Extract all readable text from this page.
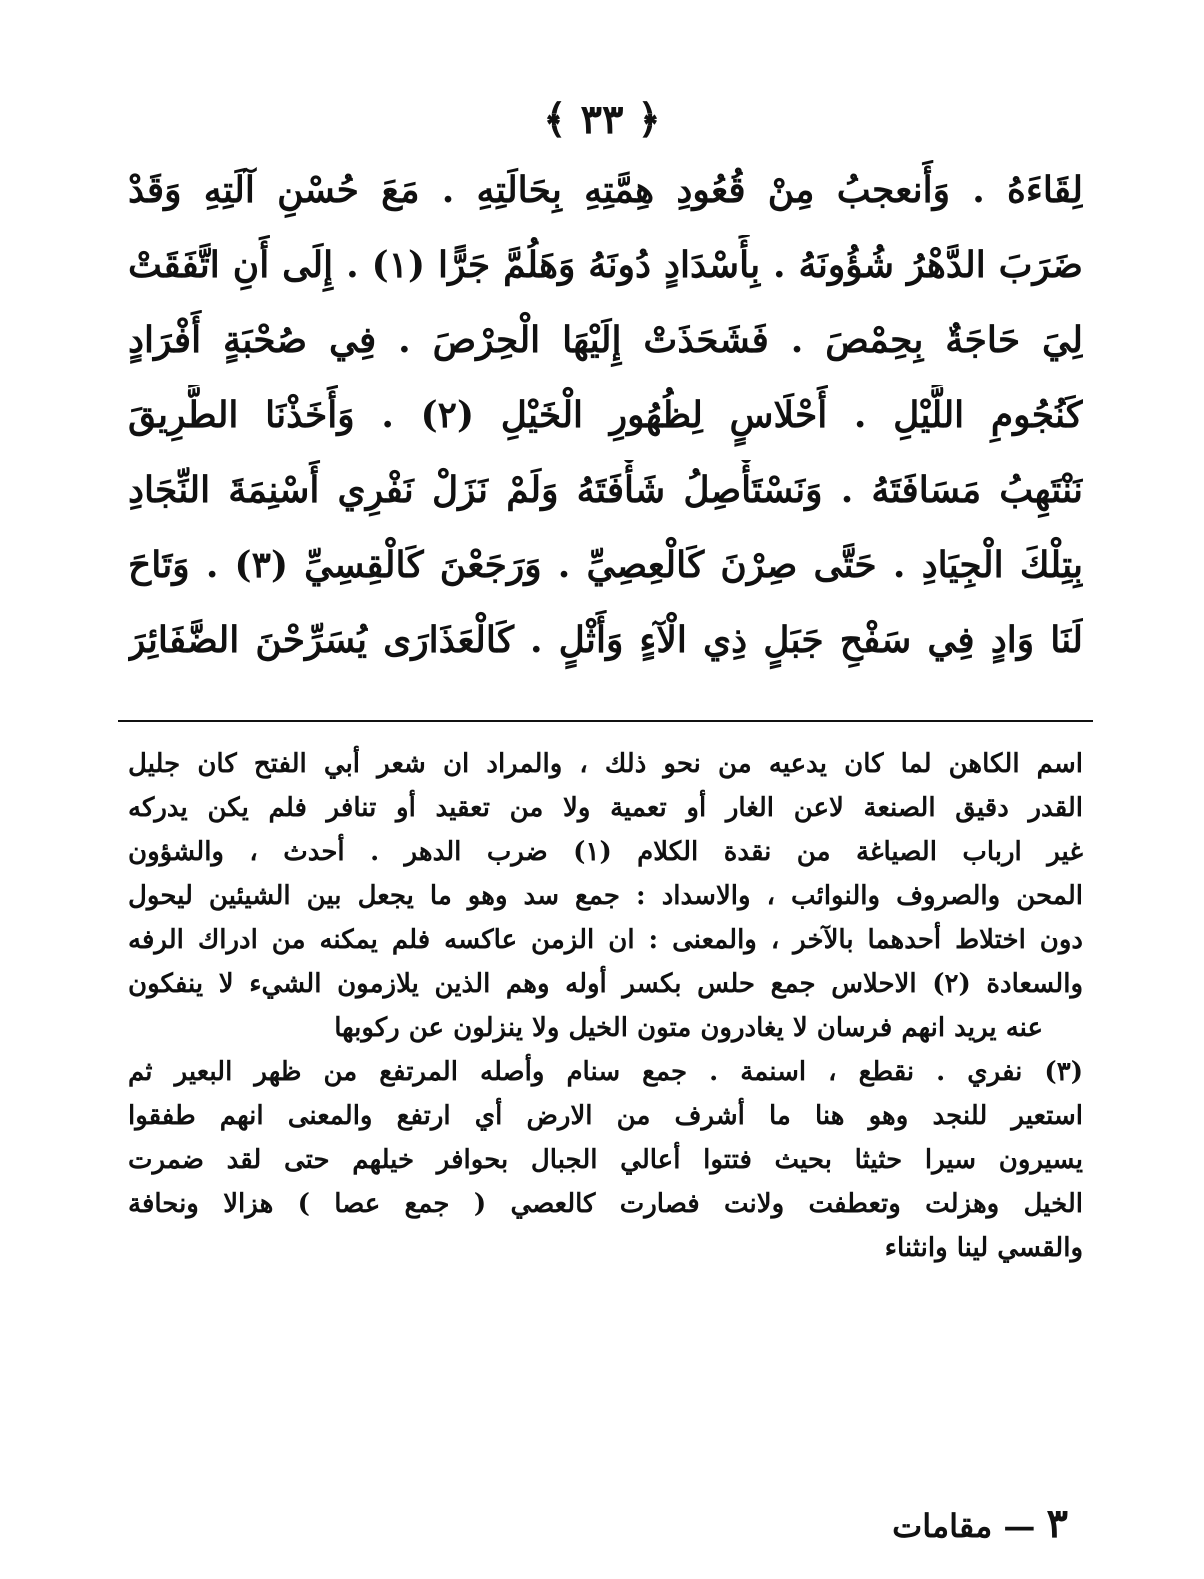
﴿ ٣٣ ﴾
لِقَاءَهُ . وَأَنعجبُ مِنْ قُعُودِ هِمَّتِهِ بِحَالَتِهِ . مَعَ حُسْنِ آلَتِهِ وَقَدْ
ضَرَبَ الدَّهْرُ شُؤُونَهُ . بِأَسْدَادٍ دُونَهُ وَهَلُمَّ جَرًّا (١) . إِلَى أَنِ اتَّفَقَتْ
لِيَ حَاجَةٌ بِحِمْصَ . فَشَحَذَتْ إِلَيْهَا الْحِرْصَ . فِي صُحْبَةٍ أَفْرَادٍ
كَنُجُومِ اللَّيْلِ . أَحْلَاسٍ لِظُهُورِ الْخَيْلِ (٢) . وَأَخَذْنَا الطَّرِيقَ
نَنْتَهِبُ مَسَافَتَهُ . وَنَسْتَأْصِلُ شَأْفَتَهُ وَلَمْ نَزَلْ نَفْرِي أَسْنِمَةَ النِّجَادِ
بِتِلْكَ الْجِيَادِ . حَتَّى صِرْنَ كَالْعِصِيِّ . وَرَجَعْنَ كَالْقِسِيِّ (٣) . وَتَاحَ
لَنَا وَادٍ فِي سَفْحِ جَبَلٍ ذِي الْآءٍ وَأَثْلٍ . كَالْعَذَارَى يُسَرِّحْنَ الضَّفَائِرَ
اسم الكاهن لما كان يدعيه من نحو ذلك ، والمراد ان شعر أبي الفتح كان جليل
القدر دقيق الصنعة لاعن الغار أو تعمية ولا من تعقيد أو تنافر فلم يكن يدركه
غير ارباب الصياغة من نقدة الكلام (١) ضرب الدهر . أحدث ، والشؤون
المحن والصروف والنوائب ، والاسداد : جمع سد وهو ما يجعل بين الشيئين ليحول
دون اختلاط أحدهما بالآخر ، والمعنى : ان الزمن عاكسه فلم يمكنه من ادراك الرفه
والسعادة (٢) الاحلاس جمع حلس بكسر أوله وهم الذين يلازمون الشيء لا ينفكون
عنه يريد انهم فرسان لا يغادرون متون الخيل ولا ينزلون عن ركوبها
(٣) نفري . نقطع ، اسنمة . جمع سنام وأصله المرتفع من ظهر البعير ثم
استعير للنجد وهو هنا ما أشرف من الارض أي ارتفع والمعنى انهم طفقوا
يسيرون سيرا حثيثا بحيث فتتوا أعالي الجبال بحوافر خيلهم حتى لقد ضمرت
الخيل وهزلت وتعطفت ولانت فصارت كالعصي ( جمع عصا ) هزالا ونحافة
والقسي لينا وانثناء
٣ — مقامات
